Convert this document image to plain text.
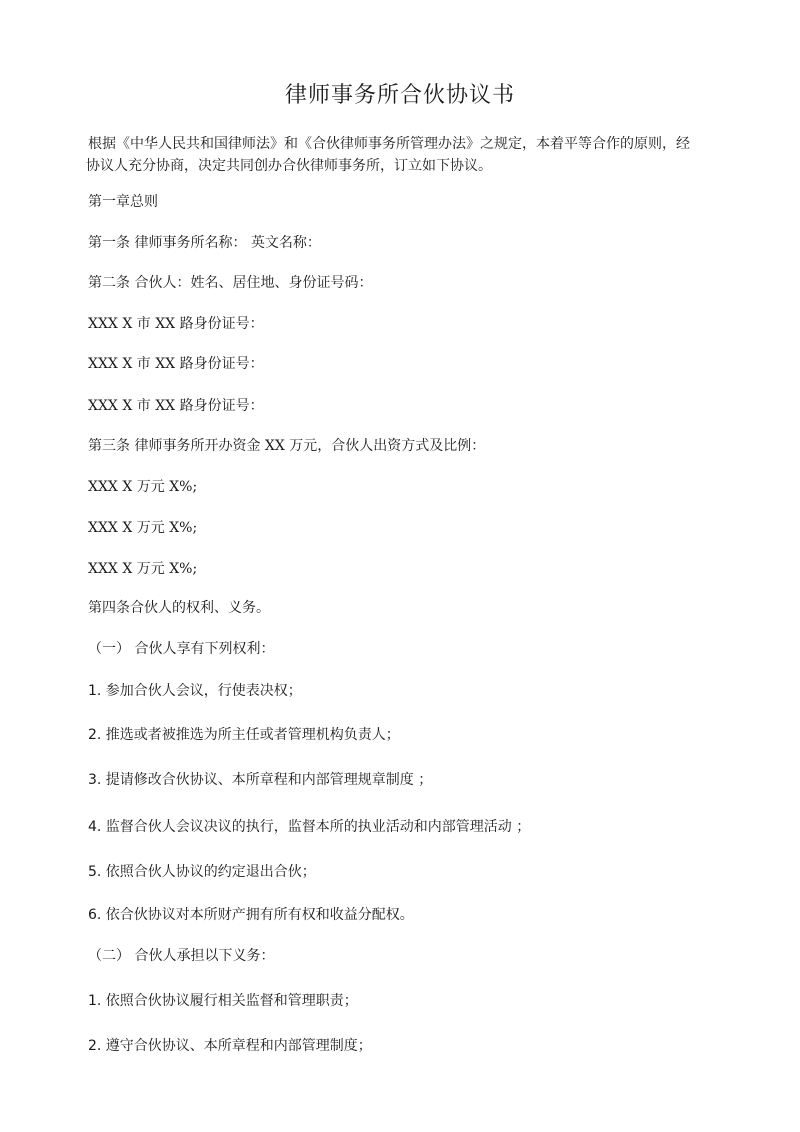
律师事务所合伙协议书
根据《中华人民共和国律师法》和《合伙律师事务所管理办法》之规定，本着平等合作的原则，经
协议人充分协商，决定共同创办合伙律师事务所，订立如下协议。
第一章总则
第一条 律师事务所名称： 英文名称：
第二条 合伙人：姓名、居住地、身份证号码：
XXX X 市 XX 路身份证号：
XXX X 市 XX 路身份证号：
XXX X 市 XX 路身份证号：
第三条 律师事务所开办资金 XX 万元，合伙人出资方式及比例：
XXX X 万元 X%;
XXX X 万元 X%;
XXX X 万元 X%;
第四条合伙人的权利、义务。
（一） 合伙人享有下列权利：
1. 参加合伙人会议，行使表决权；
2. 推选或者被推选为所主任或者管理机构负责人；
3. 提请修改合伙协议、本所章程和内部管理规章制度 ；
4. 监督合伙人会议决议的执行，监督本所的执业活动和内部管理活动 ；
5. 依照合伙人协议的约定退出合伙；
6. 依合伙协议对本所财产拥有所有权和收益分配权。
（二） 合伙人承担以下义务：
1. 依照合伙协议履行相关监督和管理职责；
2. 遵守合伙协议、本所章程和内部管理制度；
